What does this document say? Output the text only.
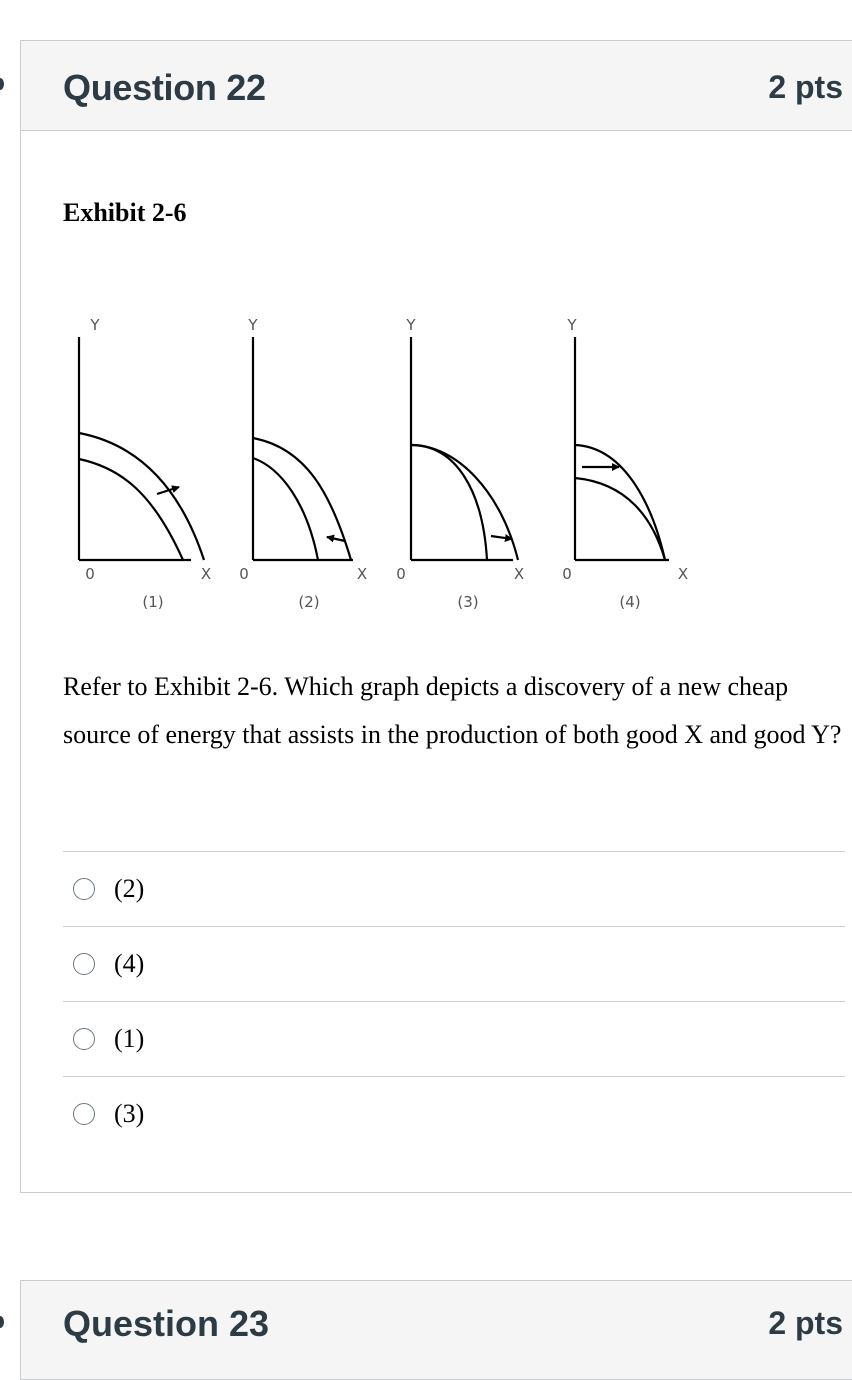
Question 22	2 pts
Exhibit 2-6
Y
0	X
(1)
Y
0	X
(2)
Y
0	X
(3)
Y
0	X
(4)
Refer to Exhibit 2-6. Which graph depicts a discovery of a new cheap source of energy that assists in the production of both good X and good Y?
(2)
(4)
(1)
(3)
Question 23	2 pts
